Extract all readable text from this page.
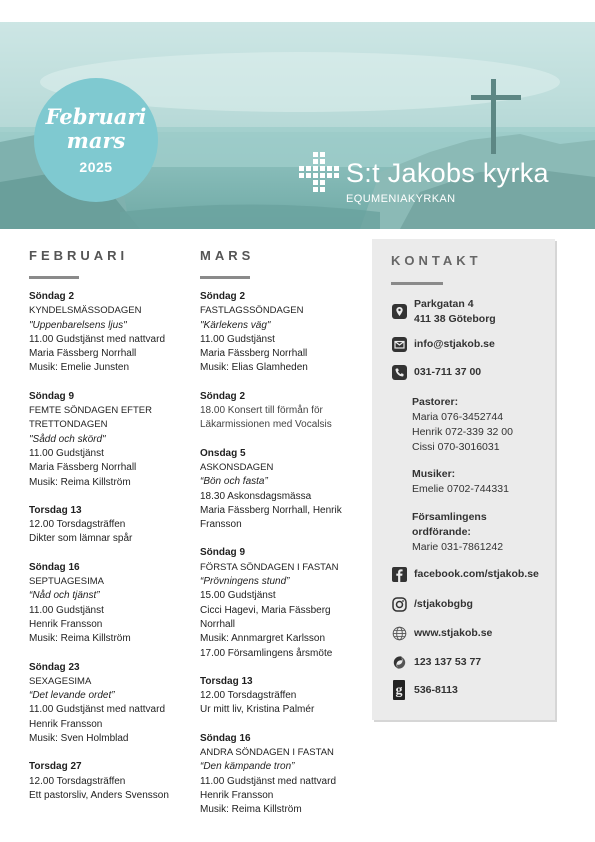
Februari
mars
2025	S:t Jakobs kyrka
EQUMENIAKYRKAN
FEBRUARI
Söndag 2
KYNDELSMÄSSODAGEN
"Uppenbarelsens ljus"
11.00 Gudstjänst med nattvard
Maria Fässberg Norrhall
Musik: Emelie Junsten
Söndag 9
FEMTE SÖNDAGEN EFTER TRETTONDAGEN
"Sådd och skörd"
11.00 Gudstjänst
Maria Fässberg Norrhall
Musik: Reima Killström
Torsdag 13
12.00 Torsdagsträffen
Dikter som lämnar spår
Söndag 16
SEPTUAGESIMA
“Nåd och tjänst”
11.00 Gudstjänst
Henrik Fransson
Musik: Reima Killström
Söndag 23
SEXAGESIMA
“Det levande ordet”
11.00 Gudstjänst med nattvard
Henrik Fransson
Musik: Sven Holmblad
Torsdag 27
12.00 Torsdagsträffen
Ett pastorsliv, Anders Svensson
MARS
Söndag 2
FASTLAGSSÖNDAGEN
"Kärlekens väg"
11.00 Gudstjänst
Maria Fässberg Norrhall
Musik: Elias Glamheden
Söndag 2
18.00 Konsert till förmån för Läkarmissionen med Vocalsis
Onsdag 5
ASKONSDAGEN
“Bön och fasta”
18.30 Askonsdagsmässa
Maria Fässberg Norrhall, Henrik Fransson
Söndag 9
FÖRSTA SÖNDAGEN I FASTAN
“Prövningens stund”
15.00 Gudstjänst
Cicci Hagevi, Maria Fässberg Norrhall
Musik: Annmargret Karlsson
17.00 Församlingens årsmöte
Torsdag 13
12.00 Torsdagsträffen
Ur mitt liv, Kristina Palmér
Söndag 16
ANDRA SÖNDAGEN I FASTAN
“Den kämpande tron”
11.00 Gudstjänst med nattvard
Henrik Fransson
Musik: Reima Killström
KONTAKT
Parkgatan 4
411 38 Göteborg
info@stjakob.se
031-711 37 00
Pastorer:
Maria 076-3452744
Henrik 072-339 32 00
Cissi 070-3016031
Musiker:
Emelie 0702-744331
Församlingens
ordförande:
Marie 031-7861242
facebook.com/stjakob.se
/stjakobgbg
www.stjakob.se
123 137 53 77
g 536-8113
